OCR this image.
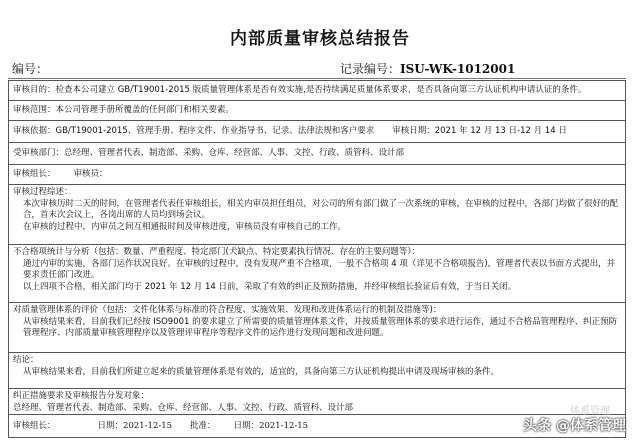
内部质量审核总结报告
编号：	记录编号：ISU-WK-1012001

审核目的：检查本公司建立 GB/T19001-2015 版质量管理体系是否有效实施,是否持续满足质量体系要求，是否具备向第三方认证机构申请认证的条件。

审核范围：本公司管理手册所覆盖的任何部门和相关要素。

审核依据：GB/T19001-2015、管理手册、程序文件、作业指导书、记录、法律法规和客户要求 审核日期：2021 年 12 月 13 日-12 月 14 日

受审核部门：总经理、管理者代表、制造部、采购、仓库、经营部、人事、文控、行政、质管科、设计部

审核组长： 审核员：

审核过程综述：

本次审核历时二天的时间，在管理者代表任审核组长，相关内审员担任组员，对公司的所有部门做了一次系统的审核，在审核的过程中，各部门均做了很好的配合，首末次会议上，各岗出席的人员均到场会议。

在审核的过程中，内审员之间互相通报时间及审核进度，审核员没有审核自己的工作。

不合格项统计与分析（包括：数量、严重程度、特定部门(犬缺点、特定要素执行情况、存在的主要问题等）：

通过内审的实施，各部门运作状况良好。在审核的过程中，没有发现严重不合格项，一般不合格项 4 项（详见不合格项报告)，管理者代表以书面方式提出，并要求责任部门改进。

以上四项不合格，相关部门均于 2021 年 12 月 14 日前，采取了有效的纠正及预防措施，并经审核组长验证后有效，于当日关闭。

对质量管理体系的评价（包括：文件化体系与标准的符合程度、实施效果、发现和改进体系运行的机制及措施等)：

从审核结果来看，目前我们已经按 ISO9001 的要求建立了所需要的质量管理体系文件，并按质量管理体系的要求进行运作，通过不合格品管理程序、纠正预防管理程序、内部质量审核管理程序以及管理评审程序等程序文件的运作进行发现问题和改进问题。

结论：

从审核结果来看，目前我们所建立起来的质量管理体系是有效的，适宜的，具备向第三方认证机构提出申请及现场审核的条件。

纠正措施要求及审核报告分发对象：

总经理、管理者代表、制造部、采购、仓库、经营部、人事、文控、行政、质管科、设计部

审核组长：	日期：2021-12-15 批准： 日期：2021-12-15

体系管理
头条 @体系管理
